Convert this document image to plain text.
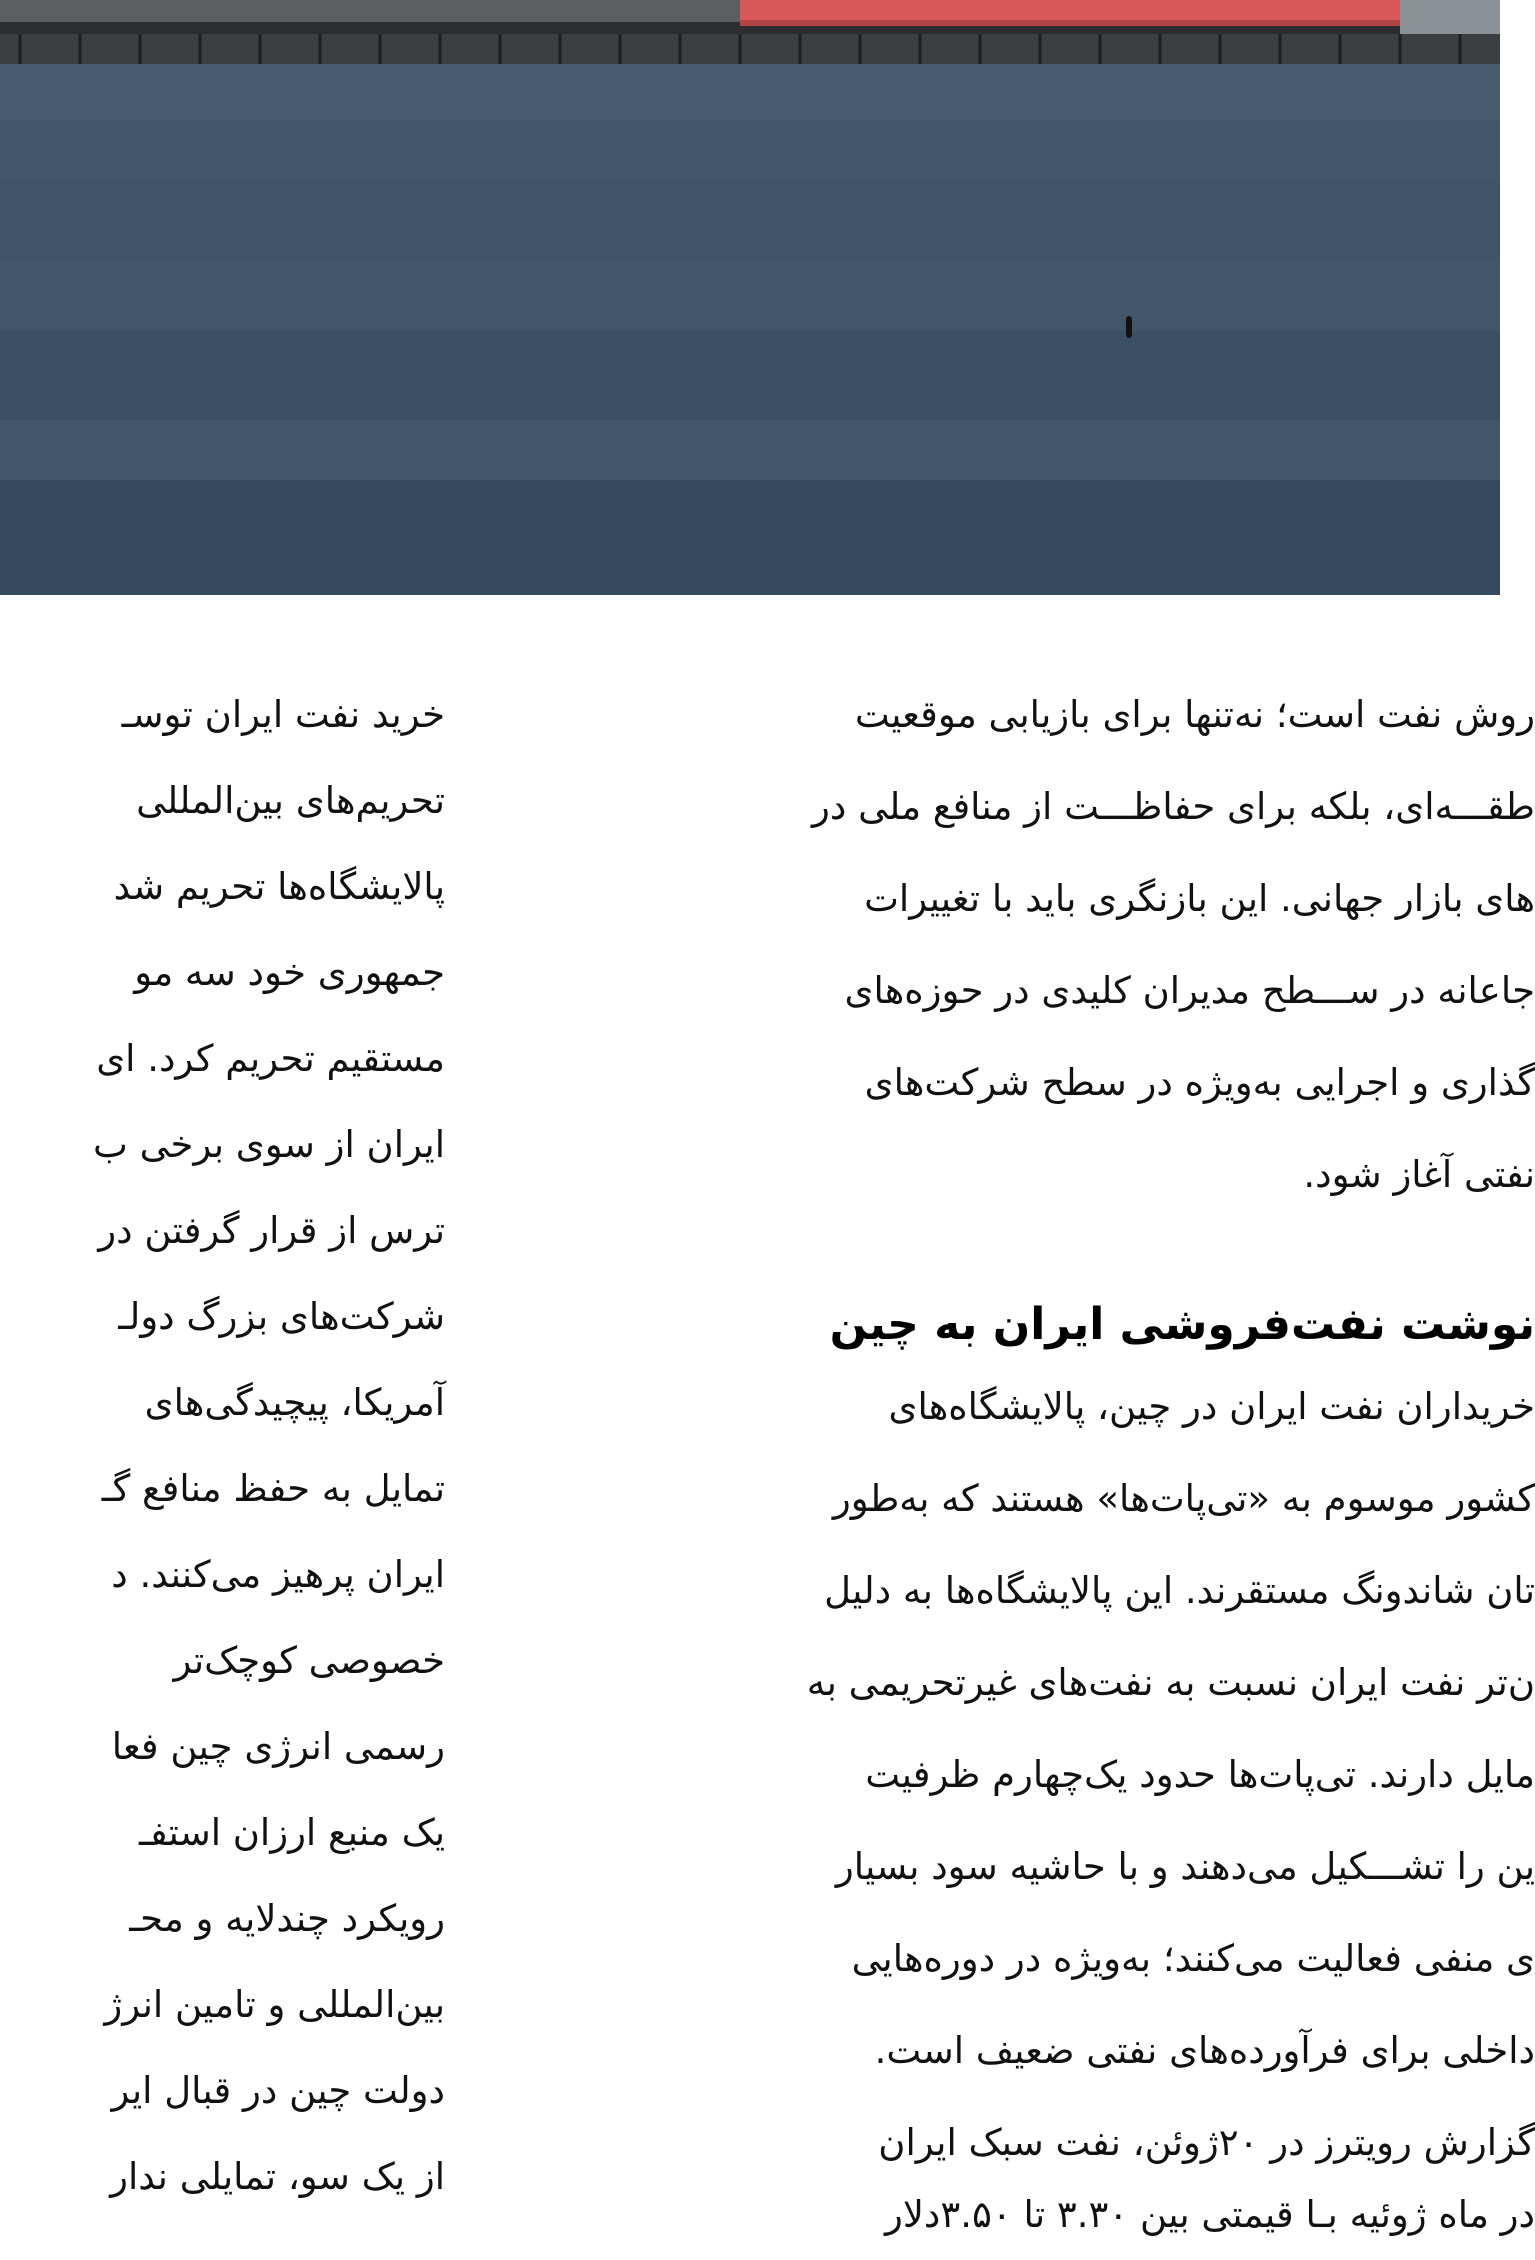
روش نفت است؛ نه‌تنها برای بازیابی موقعیت
طقـــه‌ای، بلکه برای حفاظـــت از منافع ملی در
های بازار جهانی. این بازنگری باید با تغییرات
جاعانه در ســـطح مدیران کلیدی در حوزه‌های
گذاری و اجرایی به‌ویژه در سطح شرکت‌های
نفتی آغاز شود.
نوشت نفت‌فروشی ایران به چین
خریداران نفت ایران در چین، پالایشگاه‌های
کشور موسوم به «تی‌پات‌ها» هستند که به‌طور
تان شاندونگ مستقرند. این پالایشگاه‌ها به دلیل
ن‌تر نفت ایران نسبت به نفت‌های غیرتحریمی به
مایل دارند. تی‌پات‌ها حدود یک‌چهارم ظرفیت
ین را تشـــکیل می‌دهند و با حاشیه سود بسیار
ی منفی فعالیت می‌کنند؛ به‌ویژه در دوره‌هایی
داخلی برای فرآورده‌های نفتی ضعیف است.
گزارش رویترز در ۲۰ژوئن، نفت سبک ایران
در ماه ژوئیه بـا قیمتی بین ۳.۳۰ تا ۳.۵۰دلار
خرید نفت ایران توسـ
تحریم‌های بین‌المللی
پالایشگاه‌ها تحریم شد
جمهوری خود سه مو
مستقیم تحریم کرد. ای
ایران از سوی برخی ب
ترس از قرار گرفتن در
شرکت‌های بزرگ دولـ
آمریکا، پیچیدگی‌های
تمایل به حفظ منافع گـ
ایران پرهیز می‌کنند. د
خصوصی کوچک‌تر
رسمی انرژی چین فعا
یک منبع ارزان استفـ
رویکرد چندلایه و محـ
بین‌المللی و تامین انرژ
دولت چین در قبال ایر
از یک سو، تمایلی ندار
